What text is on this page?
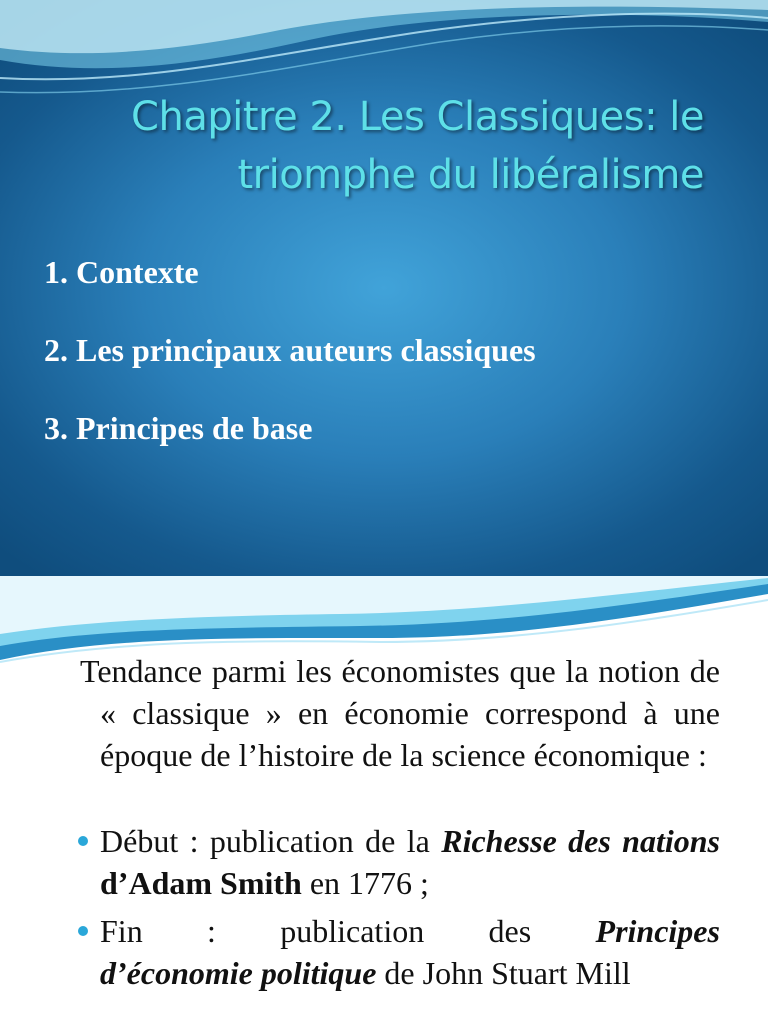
Chapitre 2. Les Classiques: le triomphe du libéralisme
1. Contexte
2. Les principaux auteurs classiques
3. Principes de base

Tendance parmi les économistes que la notion de « classique » en économie correspond à une époque de l’histoire de la science économique :

Début : publication de la Richesse des nations d’Adam Smith en 1776 ;
Fin : publication des Principes
d’économie politique de John Stuart Mill
